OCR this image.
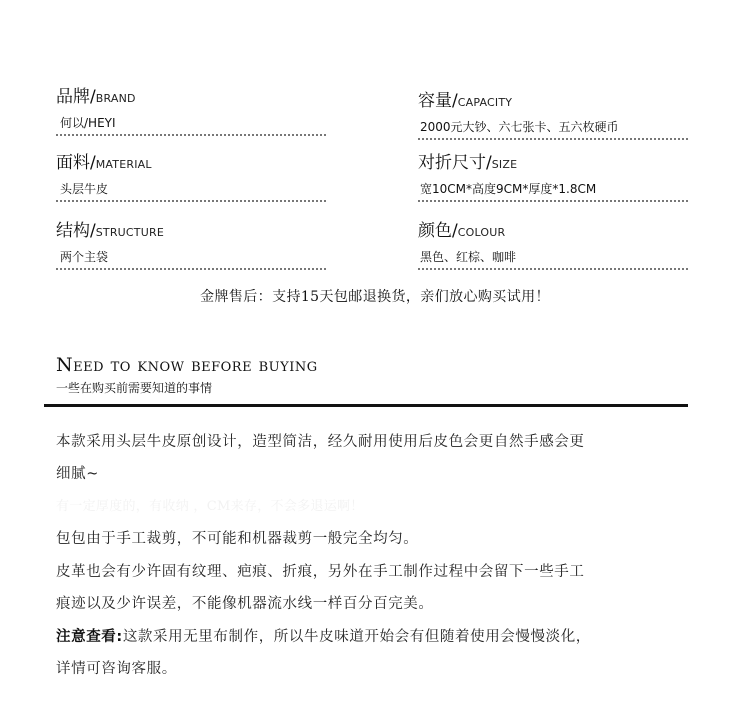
品牌/BRAND
何以/HEYI
容量/CAPACITY
2000元大钞、六七张卡、五六枚硬币
面料/MATERIAL
头层牛皮
对折尺寸/SIZE
宽10CM*高度9CM*厚度*1.8CM
结构/STRUCTURE
两个主袋
颜色/COLOUR
黑色、红棕、咖啡
金牌售后：支持15天包邮退换货，亲们放心购买试用！
Need to know before buying
一些在购买前需要知道的事情
本款采用头层牛皮原创设计，造型简洁，经久耐用使用后皮色会更自然手感会更
细腻~
有一定厚度的，有收纳 ，CM来存，不会多退运啊！
包包由于手工裁剪，不可能和机器裁剪一般完全均匀。
皮革也会有少许固有纹理、疤痕、折痕，另外在手工制作过程中会留下一些手工
痕迹以及少许误差，不能像机器流水线一样百分百完美。
注意查看:这款采用无里布制作，所以牛皮味道开始会有但随着使用会慢慢淡化，
详情可咨询客服。
